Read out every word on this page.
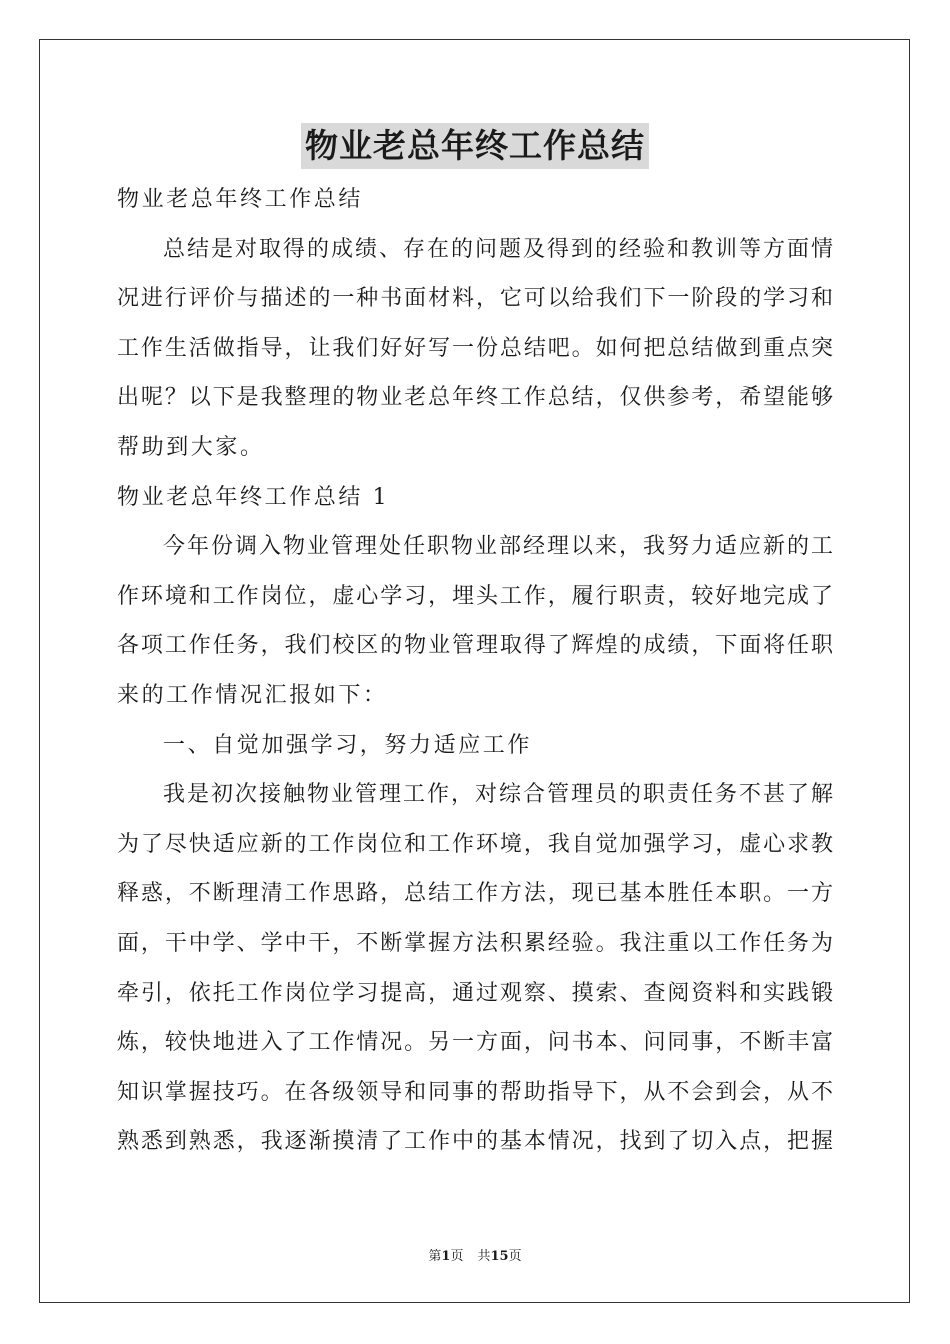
物业老总年终工作总结
物业老总年终工作总结
总结是对取得的成绩、存在的问题及得到的经验和教训等方面情
况进行评价与描述的一种书面材料，它可以给我们下一阶段的学习和
工作生活做指导，让我们好好写一份总结吧。如何把总结做到重点突
出呢？以下是我整理的物业老总年终工作总结，仅供参考，希望能够
帮助到大家。
物业老总年终工作总结 1
今年份调入物业管理处任职物业部经理以来，我努力适应新的工
作环境和工作岗位，虚心学习，埋头工作，履行职责，较好地完成了
各项工作任务，我们校区的物业管理取得了辉煌的成绩，下面将任职
来的工作情况汇报如下：
一、自觉加强学习，努力适应工作
我是初次接触物业管理工作，对综合管理员的职责任务不甚了解
为了尽快适应新的工作岗位和工作环境，我自觉加强学习，虚心求教
释惑，不断理清工作思路，总结工作方法，现已基本胜任本职。一方
面，干中学、学中干，不断掌握方法积累经验。我注重以工作任务为
牵引，依托工作岗位学习提高，通过观察、摸索、查阅资料和实践锻
炼，较快地进入了工作情况。另一方面，问书本、问同事，不断丰富
知识掌握技巧。在各级领导和同事的帮助指导下，从不会到会，从不
熟悉到熟悉，我逐渐摸清了工作中的基本情况，找到了切入点，把握
第1页 共15页
